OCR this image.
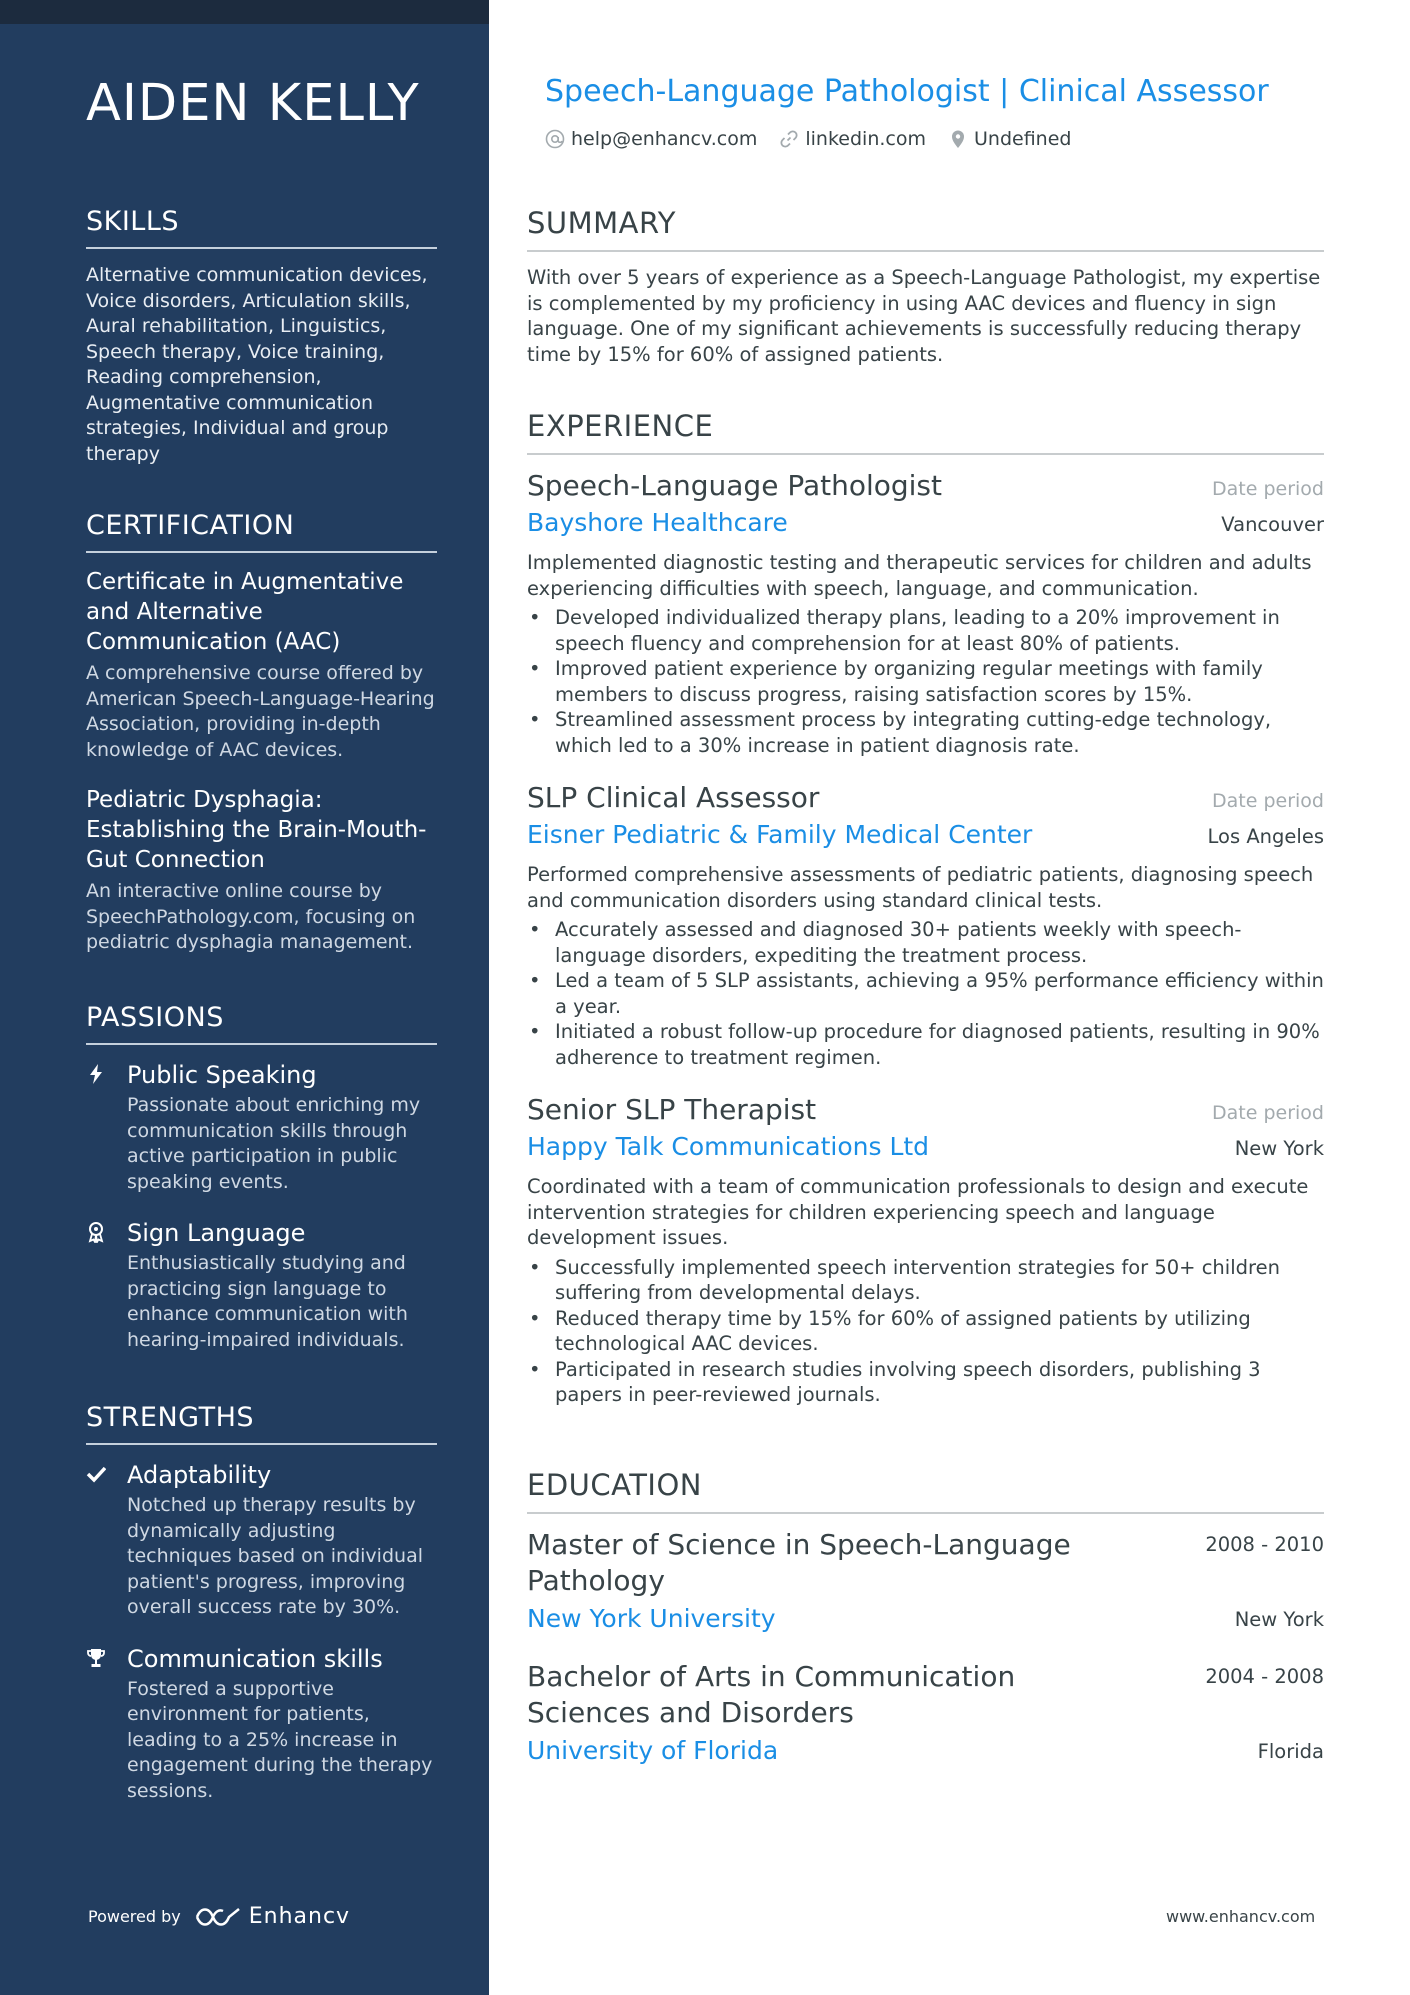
AIDEN KELLY
SKILLS
Alternative communication devices, Voice disorders, Articulation skills, Aural rehabilitation, Linguistics, Speech therapy, Voice training, Reading comprehension, Augmentative communication strategies, Individual and group therapy
CERTIFICATION
Certificate in Augmentative and Alternative Communication (AAC)
A comprehensive course offered by American Speech-Language-Hearing Association, providing in-depth knowledge of AAC devices.
Pediatric Dysphagia: Establishing the Brain-Mouth-Gut Connection
An interactive online course by SpeechPathology.com, focusing on pediatric dysphagia management.
PASSIONS
Public Speaking
Passionate about enriching my communication skills through active participation in public speaking events.
Sign Language
Enthusiastically studying and practicing sign language to enhance communication with hearing-impaired individuals.
STRENGTHS
Adaptability
Notched up therapy results by dynamically adjusting techniques based on individual patient's progress, improving overall success rate by 30%.
Communication skills
Fostered a supportive environment for patients, leading to a 25% increase in engagement during the therapy sessions.
Powered by	Enhancv
Speech-Language Pathologist | Clinical Assessor
help@enhancv.com	linkedin.com	Undefined
SUMMARY
With over 5 years of experience as a Speech-Language Pathologist, my expertise is complemented by my proficiency in using AAC devices and fluency in sign language. One of my significant achievements is successfully reducing therapy time by 15% for 60% of assigned patients.
EXPERIENCE
Speech-Language Pathologist	Date period
Bayshore Healthcare	Vancouver
Implemented diagnostic testing and therapeutic services for children and adults experiencing difficulties with speech, language, and communication.
• Developed individualized therapy plans, leading to a 20% improvement in speech fluency and comprehension for at least 80% of patients.
• Improved patient experience by organizing regular meetings with family members to discuss progress, raising satisfaction scores by 15%.
• Streamlined assessment process by integrating cutting-edge technology, which led to a 30% increase in patient diagnosis rate.
SLP Clinical Assessor	Date period
Eisner Pediatric & Family Medical Center	Los Angeles
Performed comprehensive assessments of pediatric patients, diagnosing speech and communication disorders using standard clinical tests.
• Accurately assessed and diagnosed 30+ patients weekly with speech-language disorders, expediting the treatment process.
• Led a team of 5 SLP assistants, achieving a 95% performance efficiency within a year.
• Initiated a robust follow-up procedure for diagnosed patients, resulting in 90% adherence to treatment regimen.
Senior SLP Therapist	Date period
Happy Talk Communications Ltd	New York
Coordinated with a team of communication professionals to design and execute intervention strategies for children experiencing speech and language development issues.
• Successfully implemented speech intervention strategies for 50+ children suffering from developmental delays.
• Reduced therapy time by 15% for 60% of assigned patients by utilizing technological AAC devices.
• Participated in research studies involving speech disorders, publishing 3 papers in peer-reviewed journals.
EDUCATION
Master of Science in Speech-Language Pathology
2008 - 2010
New York University	New York
Bachelor of Arts in Communication Sciences and Disorders
2004 - 2008
University of Florida	Florida
www.enhancv.com
